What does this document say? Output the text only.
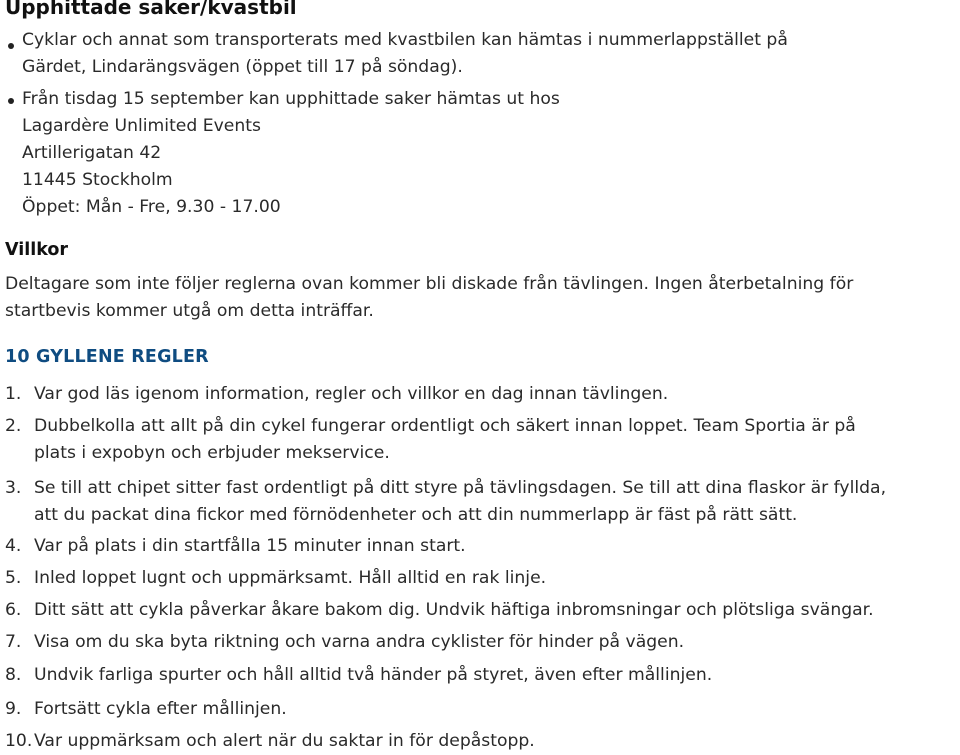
Upphittade saker/kvastbil
Cyklar och annat som transporterats med kvastbilen kan hämtas i nummerlappstället på
Gärdet, Lindarängsvägen (öppet till 17 på söndag).
Från tisdag 15 september kan upphittade saker hämtas ut hos
Lagardère Unlimited Events
Artillerigatan 42
11445 Stockholm
Öppet: Mån - Fre, 9.30 - 17.00
Villkor
Deltagare som inte följer reglerna ovan kommer bli diskade från tävlingen. Ingen återbetalning för
startbevis kommer utgå om detta inträffar.
10 GYLLENE REGLER
1. Var god läs igenom information, regler och villkor en dag innan tävlingen.
2. Dubbelkolla att allt på din cykel fungerar ordentligt och säkert innan loppet. Team Sportia är på
plats i expobyn och erbjuder mekservice.
3. Se till att chipet sitter fast ordentligt på ditt styre på tävlingsdagen. Se till att dina flaskor är fyllda,
att du packat dina fickor med förnödenheter och att din nummerlapp är fäst på rätt sätt.
4. Var på plats i din startfålla 15 minuter innan start.
5. Inled loppet lugnt och uppmärksamt. Håll alltid en rak linje.
6. Ditt sätt att cykla påverkar åkare bakom dig. Undvik häftiga inbromsningar och plötsliga svängar.
7. Visa om du ska byta riktning och varna andra cyklister för hinder på vägen.
8. Undvik farliga spurter och håll alltid två händer på styret, även efter mållinjen.
9. Fortsätt cykla efter mållinjen.
10. Var uppmärksam och alert när du saktar in för depåstopp.
